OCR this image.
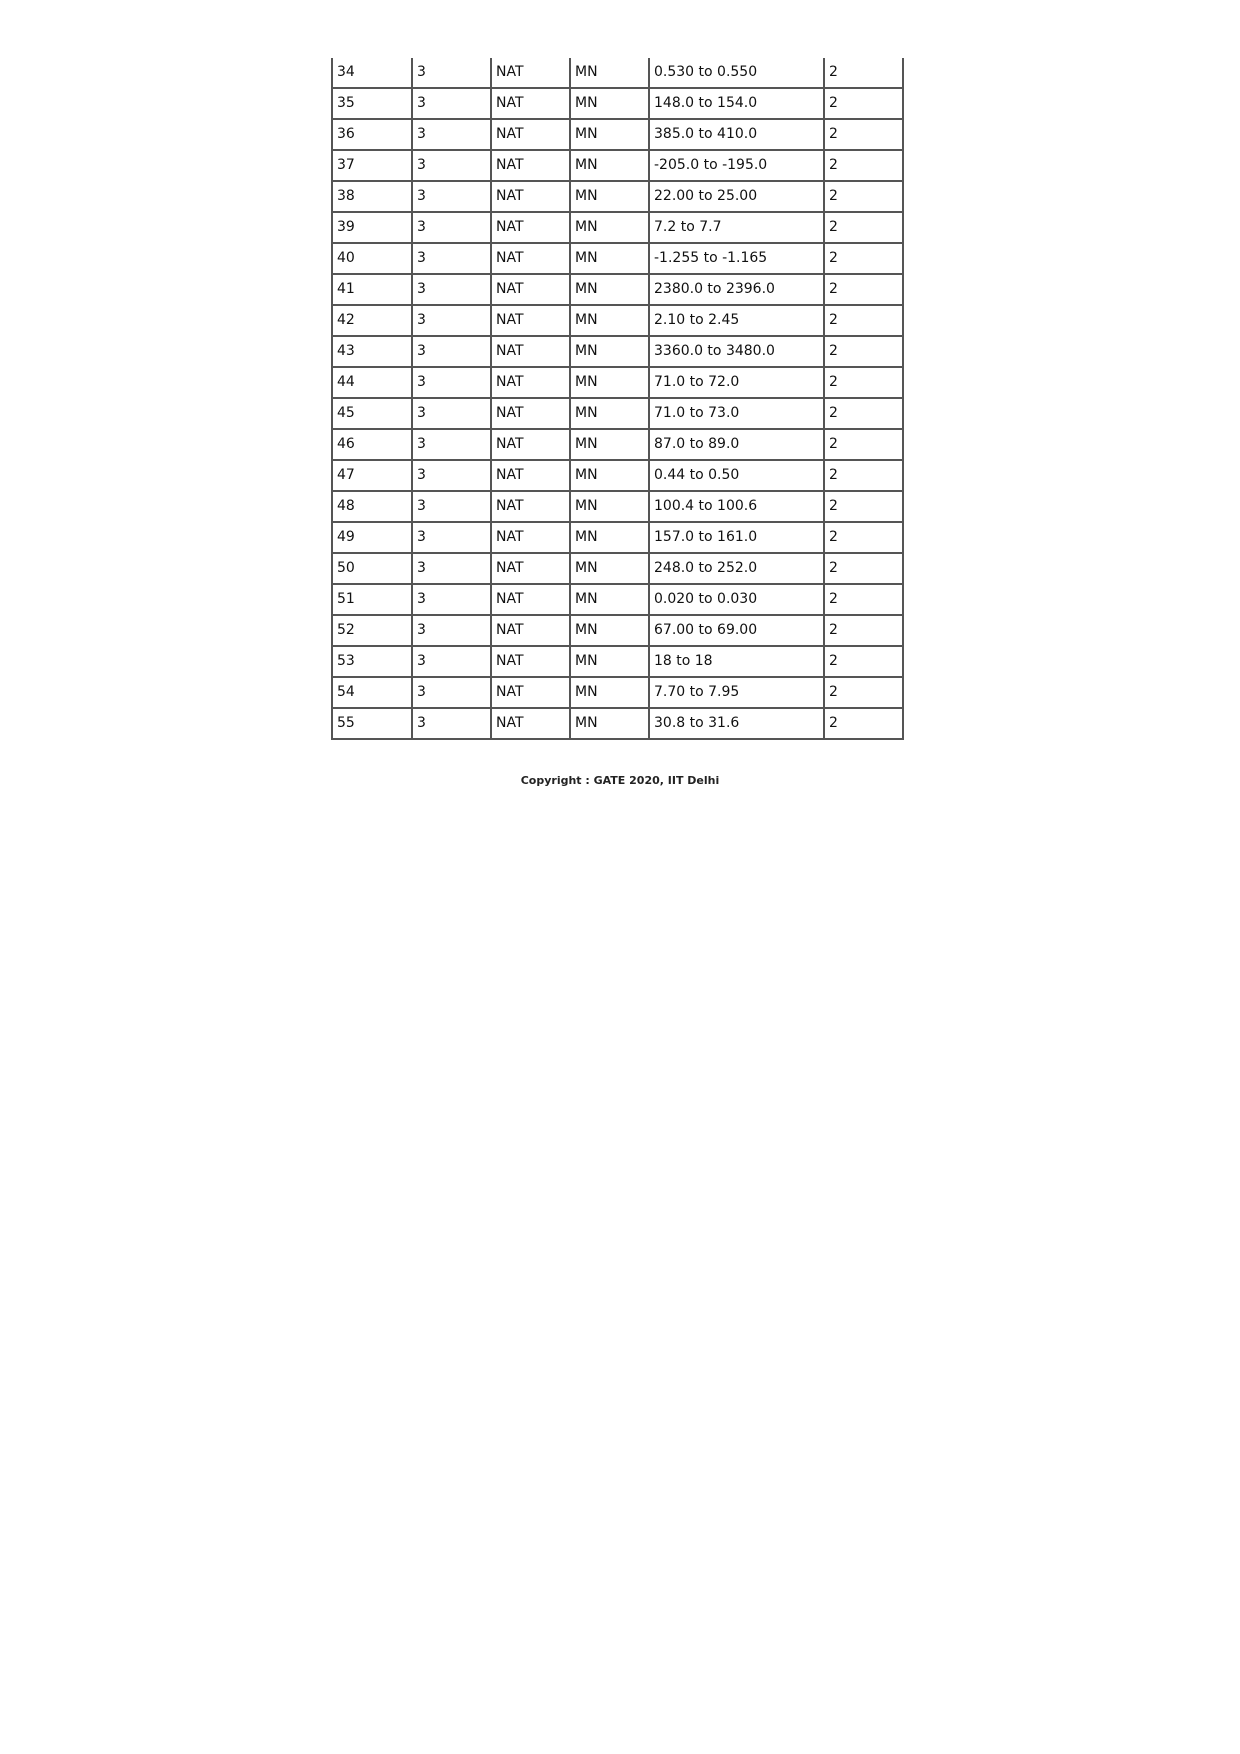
34	3	NAT	MN	0.530 to 0.550	2
35	3	NAT	MN	148.0 to 154.0	2
36	3	NAT	MN	385.0 to 410.0	2
37	3	NAT	MN	-205.0 to -195.0	2
38	3	NAT	MN	22.00 to 25.00	2
39	3	NAT	MN	7.2 to 7.7	2
40	3	NAT	MN	-1.255 to -1.165	2
41	3	NAT	MN	2380.0 to 2396.0	2
42	3	NAT	MN	2.10 to 2.45	2
43	3	NAT	MN	3360.0 to 3480.0	2
44	3	NAT	MN	71.0 to 72.0	2
45	3	NAT	MN	71.0 to 73.0	2
46	3	NAT	MN	87.0 to 89.0	2
47	3	NAT	MN	0.44 to 0.50	2
48	3	NAT	MN	100.4 to 100.6	2
49	3	NAT	MN	157.0 to 161.0	2
50	3	NAT	MN	248.0 to 252.0	2
51	3	NAT	MN	0.020 to 0.030	2
52	3	NAT	MN	67.00 to 69.00	2
53	3	NAT	MN	18 to 18	2
54	3	NAT	MN	7.70 to 7.95	2
55	3	NAT	MN	30.8 to 31.6	2
Copyright : GATE 2020, IIT Delhi
